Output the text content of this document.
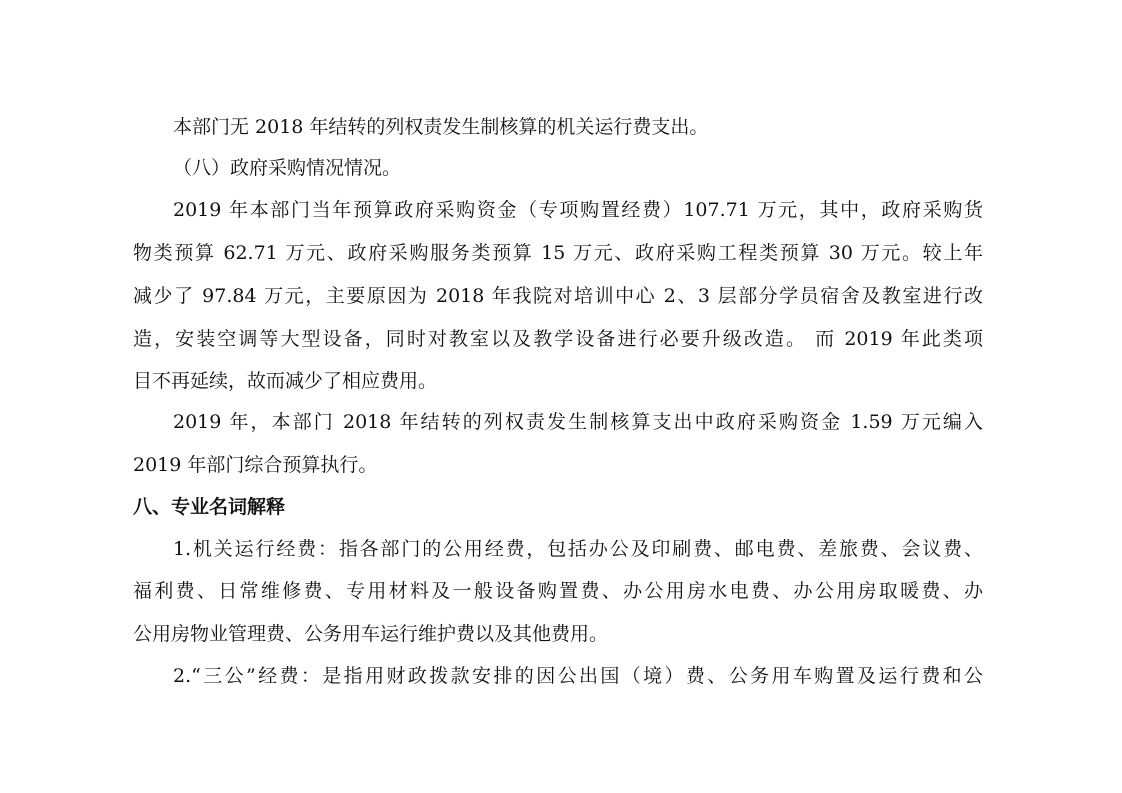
本部门无 2018 年结转的列权责发生制核算的机关运行费支出。
（八）政府采购情况情况。
2019 年本部门当年预算政府采购资金（专项购置经费）107.71 万元，其中，政府采购货
物类预算 62.71 万元、政府采购服务类预算 15 万元、政府采购工程类预算 30 万元。较上年
减少了 97.84 万元，主要原因为 2018 年我院对培训中心 2、3 层部分学员宿舍及教室进行改
造，安装空调等大型设备，同时对教室以及教学设备进行必要升级改造。 而 2019 年此类项
目不再延续，故而减少了相应费用。
2019 年，本部门 2018 年结转的列权责发生制核算支出中政府采购资金 1.59 万元编入
2019 年部门综合预算执行。
八、专业名词解释
1.机关运行经费：指各部门的公用经费，包括办公及印刷费、邮电费、差旅费、会议费、
福利费、日常维修费、专用材料及一般设备购置费、办公用房水电费、办公用房取暖费、办
公用房物业管理费、公务用车运行维护费以及其他费用。
2.“三公”经费：是指用财政拨款安排的因公出国（境）费、公务用车购置及运行费和公
